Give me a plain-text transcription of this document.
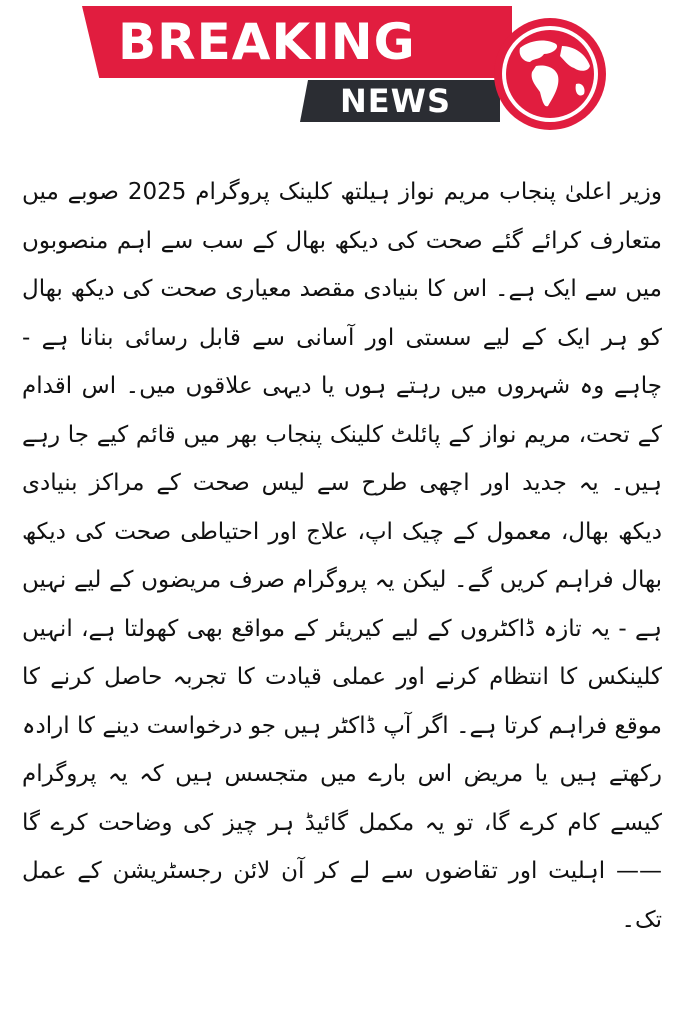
BREAKING
NEWS

وزیر اعلیٰ پنجاب مریم نواز ہیلتھ کلینک پروگرام 2025 صوبے میں متعارف کرائے گئے صحت کی دیکھ بھال کے سب سے اہم منصوبوں میں سے ایک ہے۔ اس کا بنیادی مقصد معیاری صحت کی دیکھ بھال کو ہر ایک کے لیے سستی اور آسانی سے قابل رسائی بنانا ہے - چاہے وہ شہروں میں رہتے ہوں یا دیہی علاقوں میں۔ اس اقدام کے تحت، مریم نواز کے پائلٹ کلینک پنجاب بھر میں قائم کیے جا رہے ہیں۔ یہ جدید اور اچھی طرح سے لیس صحت کے مراکز بنیادی دیکھ بھال، معمول کے چیک اپ، علاج اور احتیاطی صحت کی دیکھ بھال فراہم کریں گے۔ لیکن یہ پروگرام صرف مریضوں کے لیے نہیں ہے - یہ تازہ ڈاکٹروں کے لیے کیریئر کے مواقع بھی کھولتا ہے، انہیں کلینکس کا انتظام کرنے اور عملی قیادت کا تجربہ حاصل کرنے کا موقع فراہم کرتا ہے۔ اگر آپ ڈاکٹر ہیں جو درخواست دینے کا ارادہ رکھتے ہیں یا مریض اس بارے میں متجسس ہیں کہ یہ پروگرام کیسے کام کرے گا، تو یہ مکمل گائیڈ ہر چیز کی وضاحت کرے گا—— اہلیت اور تقاضوں سے لے کر آن لائن رجسٹریشن کے عمل تک۔
